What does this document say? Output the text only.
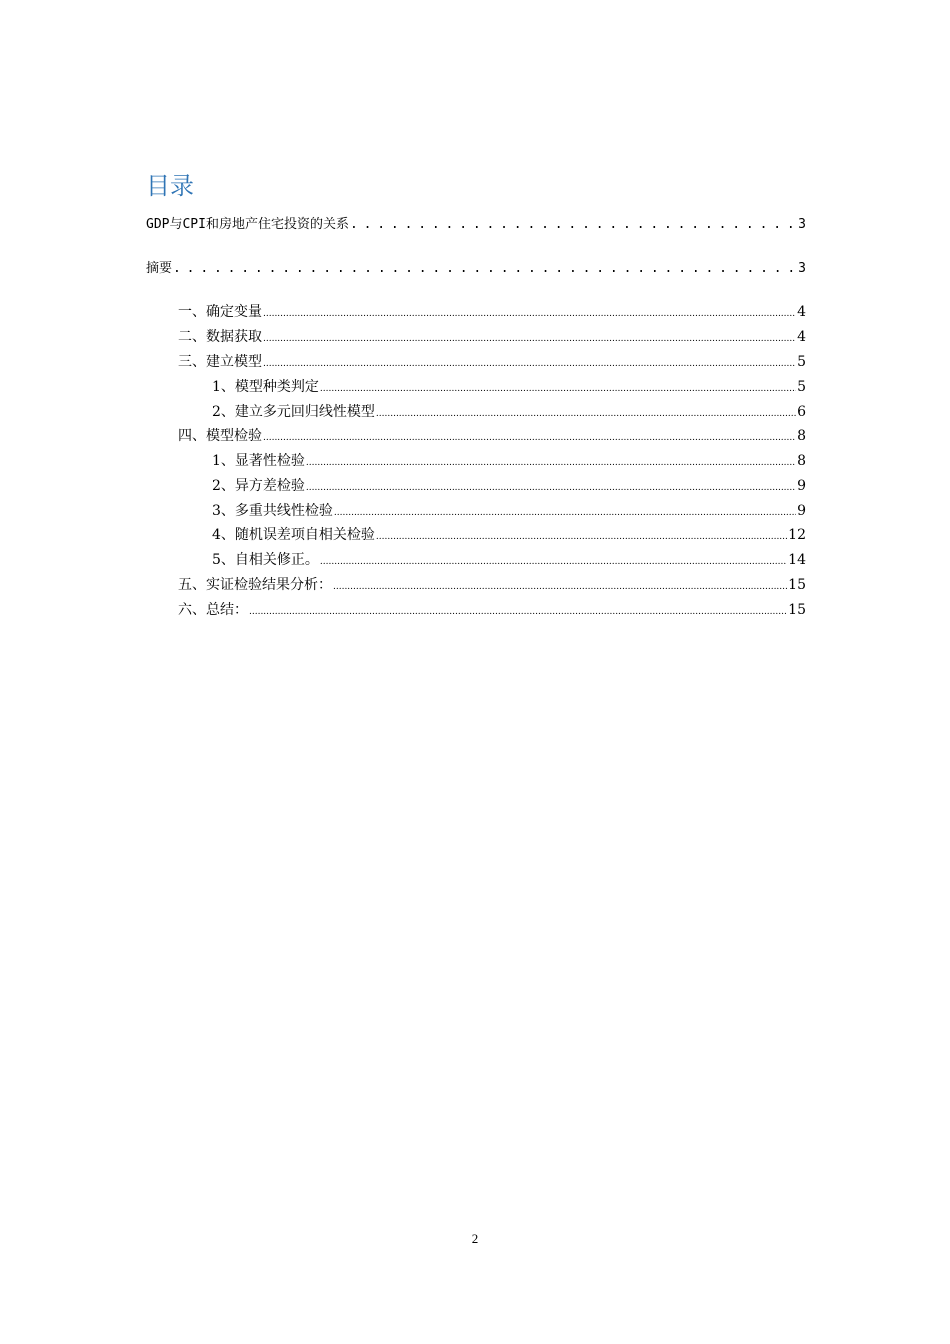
目录
GDP与CPI和房地产住宅投资的关系 . . .	3
摘要 . . .	3
一、确定变量 .....	4
二、数据获取 .....	4
三、建立模型 .....	5
1、模型种类判定 .....	5
2、建立多元回归线性模型 .....	6
四、模型检验 .....	8
1、显著性检验 .....	8
2、异方差检验 .....	9
3、多重共线性检验 .....	9
4、随机误差项自相关检验 .....	12
5、自相关修正。 .....	14
五、实证检验结果分析： .....	15
六、总结： .....	15
2
